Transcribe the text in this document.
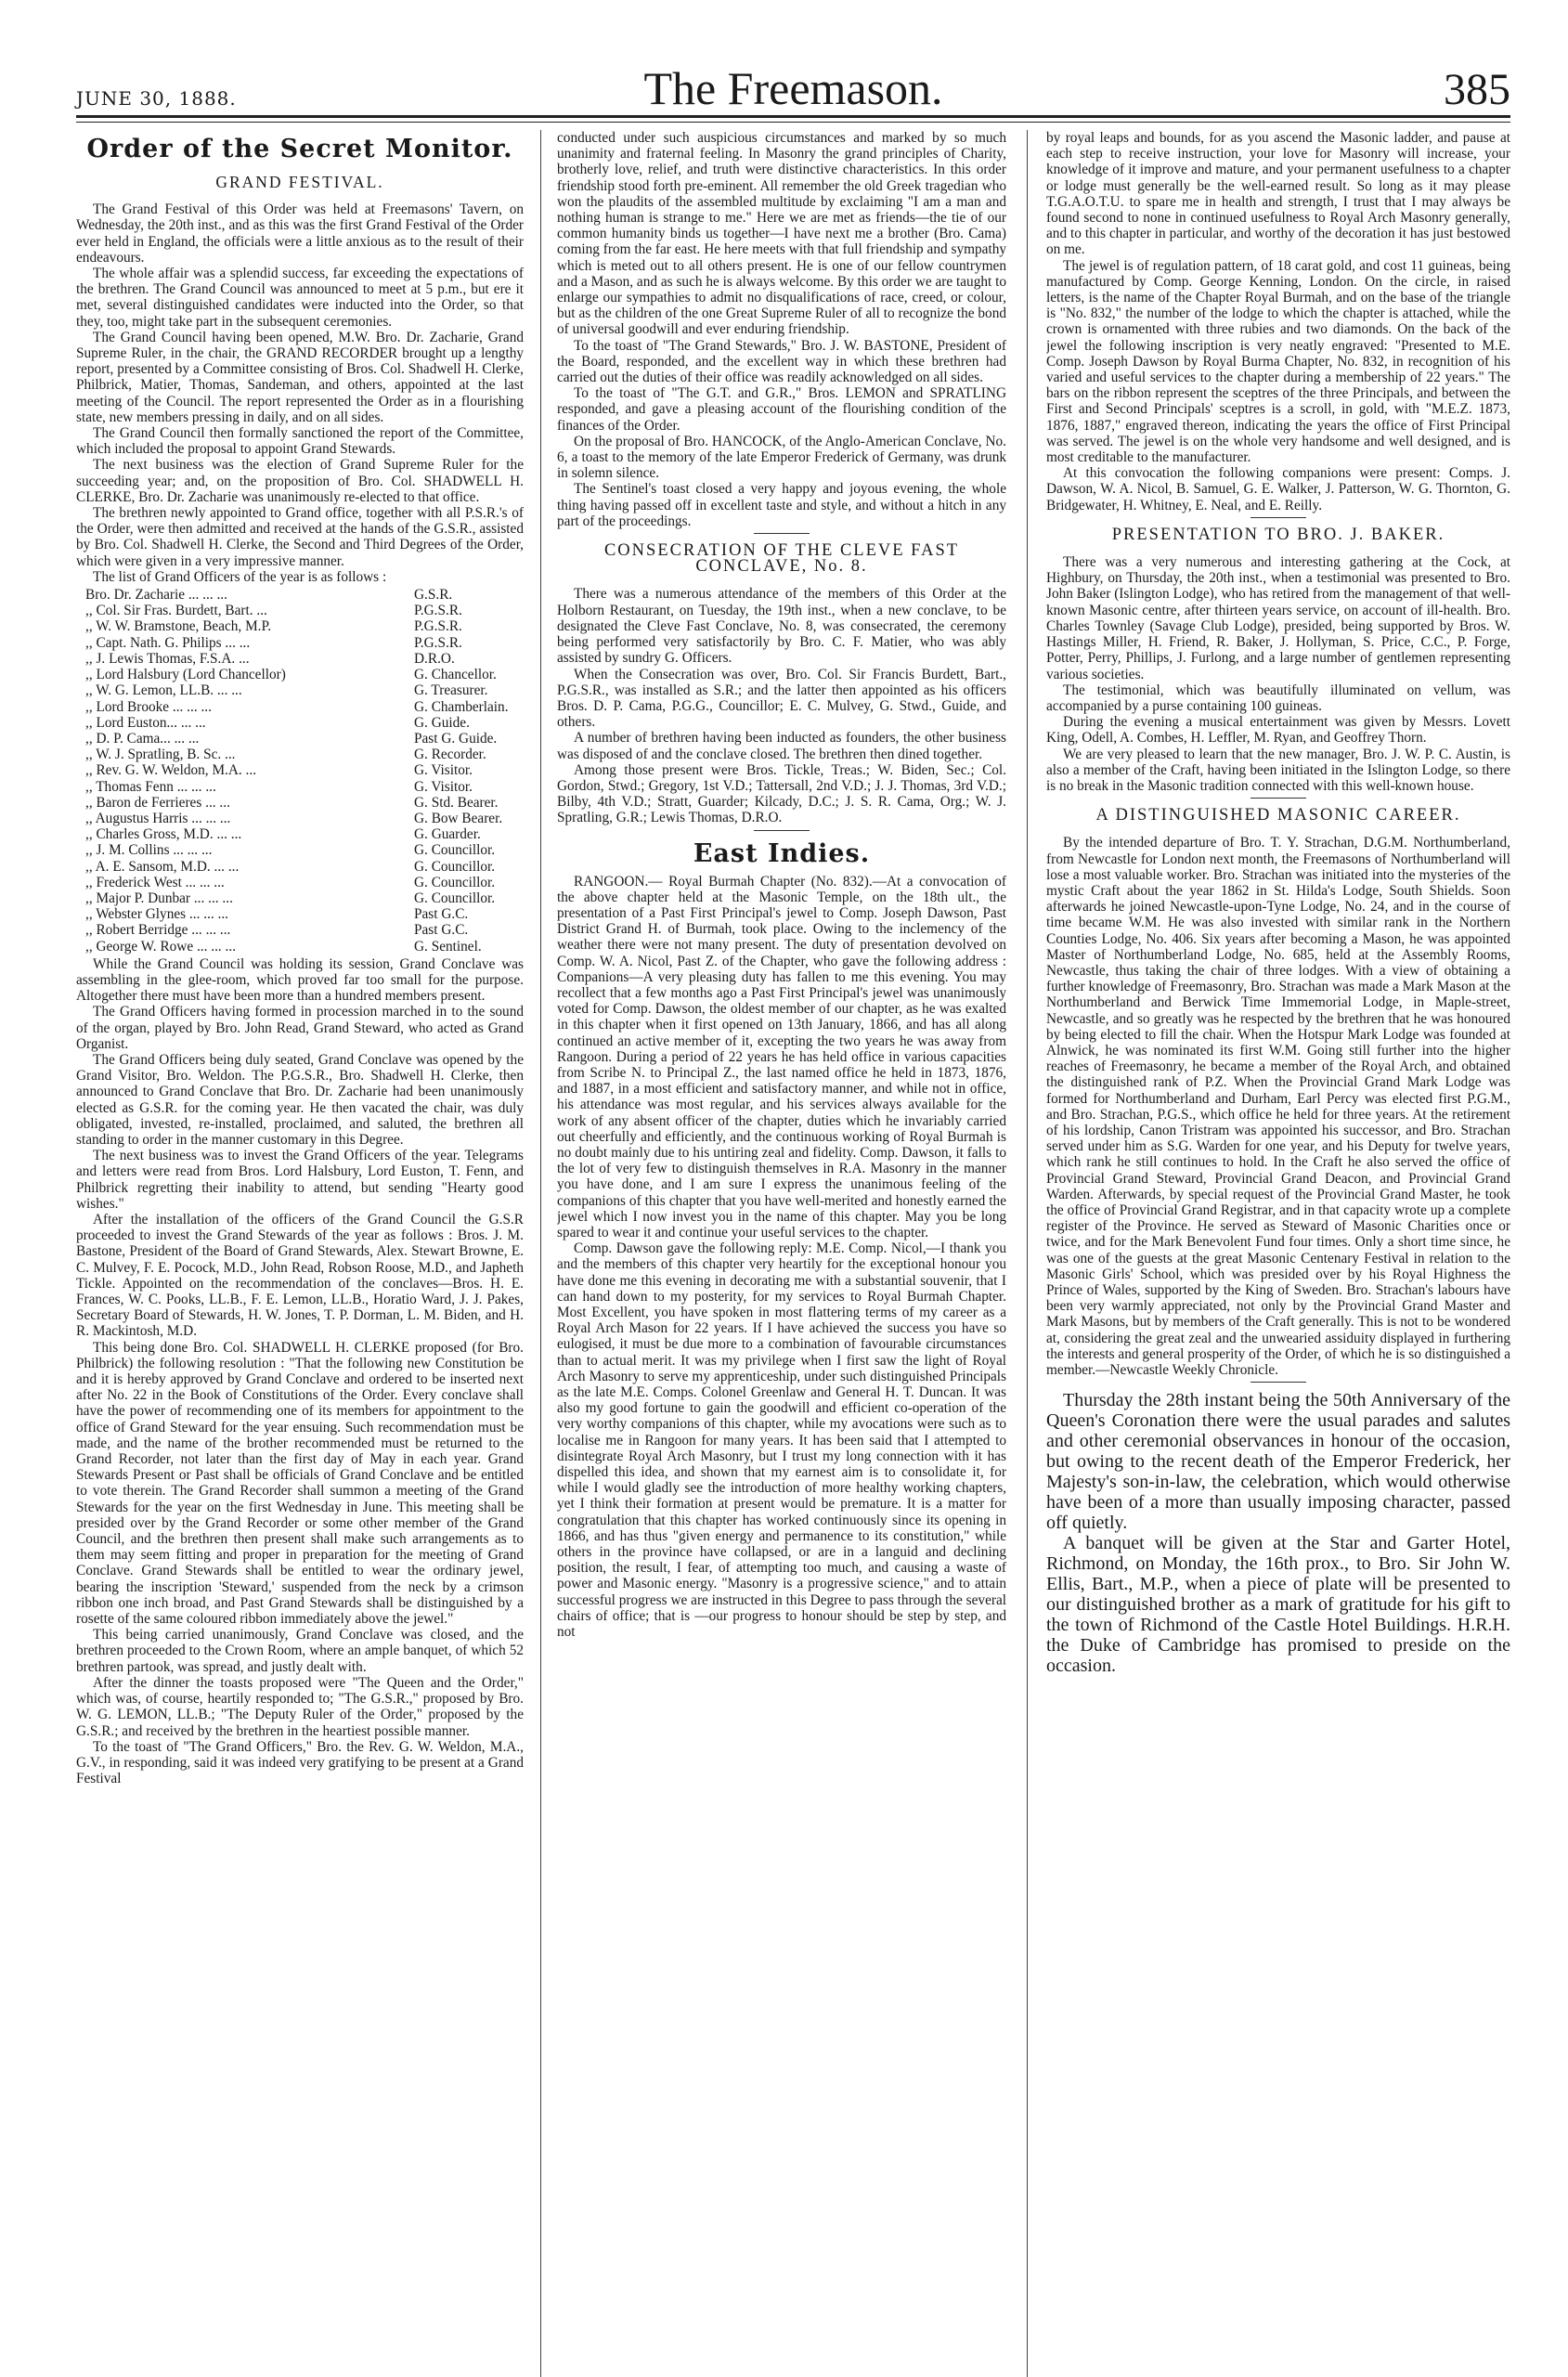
JUNE 30, 1888.	The Freemason.	385
Order of the Secret Monitor.
GRAND FESTIVAL.

The Grand Festival of this Order was held at Freemasons' Tavern, on Wednesday, the 20th inst., and as this was the first Grand Festival of the Order ever held in England, the officials were a little anxious as to the result of their endeavours.

The whole affair was a splendid success, far exceeding the expectations of the brethren. The Grand Council was announced to meet at 5 p.m., but ere it met, several distinguished candidates were inducted into the Order, so that they, too, might take part in the subsequent ceremonies.

The Grand Council having been opened, M.W. Bro. Dr. Zacharie, Grand Supreme Ruler, in the chair, the GRAND RECORDER brought up a lengthy report, presented by a Committee consisting of Bros. Col. Shadwell H. Clerke, Philbrick, Matier, Thomas, Sandeman, and others, appointed at the last meeting of the Council. The report represented the Order as in a flourishing state, new members pressing in daily, and on all sides.

The Grand Council then formally sanctioned the report of the Committee, which included the proposal to appoint Grand Stewards.

The next business was the election of Grand Supreme Ruler for the succeeding year; and, on the proposition of Bro. Col. SHADWELL H. CLERKE, Bro. Dr. Zacharie was unanimously re-elected to that office.

The brethren newly appointed to Grand office, together with all P.S.R.'s of the Order, were then admitted and received at the hands of the G.S.R., assisted by Bro. Col. Shadwell H. Clerke, the Second and Third Degrees of the Order, which were given in a very impressive manner.

The list of Grand Officers of the year is as follows :

Bro. Dr. Zacharie ... ... ...	G.S.R.
,, Col. Sir Fras. Burdett, Bart. ...	P.G.S.R.
,, W. W. Bramstone, Beach, M.P.	P.G.S.R.
,, Capt. Nath. G. Philips ... ...	P.G.S.R.
,, J. Lewis Thomas, F.S.A. ...	D.R.O.
,, Lord Halsbury (Lord Chancellor)	G. Chancellor.
,, W. G. Lemon, LL.B. ... ...	G. Treasurer.
,, Lord Brooke ... ... ...	G. Chamberlain.
,, Lord Euston... ... ...	G. Guide.
,, D. P. Cama... ... ...	Past G. Guide.
,, W. J. Spratling, B. Sc. ...	G. Recorder.
,, Rev. G. W. Weldon, M.A. ...	G. Visitor.
,, Thomas Fenn ... ... ...	G. Visitor.
,, Baron de Ferrieres ... ...	G. Std. Bearer.
,, Augustus Harris ... ... ...	G. Bow Bearer.
,, Charles Gross, M.D. ... ...	G. Guarder.
,, J. M. Collins ... ... ...	G. Councillor.
,, A. E. Sansom, M.D. ... ...	G. Councillor.
,, Frederick West ... ... ...	G. Councillor.
,, Major P. Dunbar ... ... ...	G. Councillor.
,, Webster Glynes ... ... ...	Past G.C.
,, Robert Berridge ... ... ...	Past G.C.
,, George W. Rowe ... ... ...	G. Sentinel.

While the Grand Council was holding its session, Grand Conclave was assembling in the glee-room, which proved far too small for the purpose. Altogether there must have been more than a hundred members present.

The Grand Officers having formed in procession marched in to the sound of the organ, played by Bro. John Read, Grand Steward, who acted as Grand Organist.

The Grand Officers being duly seated, Grand Conclave was opened by the Grand Visitor, Bro. Weldon. The P.G.S.R., Bro. Shadwell H. Clerke, then announced to Grand Conclave that Bro. Dr. Zacharie had been unanimously elected as G.S.R. for the coming year. He then vacated the chair, was duly obligated, invested, re-installed, proclaimed, and saluted, the brethren all standing to order in the manner customary in this Degree.

The next business was to invest the Grand Officers of the year. Telegrams and letters were read from Bros. Lord Halsbury, Lord Euston, T. Fenn, and Philbrick regretting their inability to attend, but sending "Hearty good wishes."

After the installation of the officers of the Grand Council the G.S.R proceeded to invest the Grand Stewards of the year as follows : Bros. J. M. Bastone, President of the Board of Grand Stewards, Alex. Stewart Browne, E. C. Mulvey, F. E. Pocock, M.D., John Read, Robson Roose, M.D., and Japheth Tickle. Appointed on the recommendation of the conclaves—Bros. H. E. Frances, W. C. Pooks, LL.B., F. E. Lemon, LL.B., Horatio Ward, J. J. Pakes, Secretary Board of Stewards, H. W. Jones, T. P. Dorman, L. M. Biden, and H. R. Mackintosh, M.D.

This being done Bro. Col. SHADWELL H. CLERKE proposed (for Bro. Philbrick) the following resolution : "That the following new Constitution be and it is hereby approved by Grand Conclave and ordered to be inserted next after No. 22 in the Book of Constitutions of the Order. Every conclave shall have the power of recommending one of its members for appointment to the office of Grand Steward for the year ensuing. Such recommendation must be made, and the name of the brother recommended must be returned to the Grand Recorder, not later than the first day of May in each year. Grand Stewards Present or Past shall be officials of Grand Conclave and be entitled to vote therein. The Grand Recorder shall summon a meeting of the Grand Stewards for the year on the first Wednesday in June. This meeting shall be presided over by the Grand Recorder or some other member of the Grand Council, and the brethren then present shall make such arrangements as to them may seem fitting and proper in preparation for the meeting of Grand Conclave. Grand Stewards shall be entitled to wear the ordinary jewel, bearing the inscription 'Steward,' suspended from the neck by a crimson ribbon one inch broad, and Past Grand Stewards shall be distinguished by a rosette of the same coloured ribbon immediately above the jewel."

This being carried unanimously, Grand Conclave was closed, and the brethren proceeded to the Crown Room, where an ample banquet, of which 52 brethren partook, was spread, and justly dealt with.

After the dinner the toasts proposed were "The Queen and the Order," which was, of course, heartily responded to; "The G.S.R.," proposed by Bro. W. G. LEMON, LL.B.; "The Deputy Ruler of the Order," proposed by the G.S.R.; and received by the brethren in the heartiest possible manner.

To the toast of "The Grand Officers," Bro. the Rev. G. W. Weldon, M.A., G.V., in responding, said it was indeed very gratifying to be present at a Grand Festival

conducted under such auspicious circumstances and marked by so much unanimity and fraternal feeling. In Masonry the grand principles of Charity, brotherly love, relief, and truth were distinctive characteristics. In this order friendship stood forth pre-eminent. All remember the old Greek tragedian who won the plaudits of the assembled multitude by exclaiming "I am a man and nothing human is strange to me." Here we are met as friends—the tie of our common humanity binds us together—I have next me a brother (Bro. Cama) coming from the far east. He here meets with that full friendship and sympathy which is meted out to all others present. He is one of our fellow countrymen and a Mason, and as such he is always welcome. By this order we are taught to enlarge our sympathies to admit no disqualifications of race, creed, or colour, but as the children of the one Great Supreme Ruler of all to recognize the bond of universal goodwill and ever enduring friendship.

To the toast of "The Grand Stewards," Bro. J. W. BASTONE, President of the Board, responded, and the excellent way in which these brethren had carried out the duties of their office was readily acknowledged on all sides.

To the toast of "The G.T. and G.R.," Bros. LEMON and SPRATLING responded, and gave a pleasing account of the flourishing condition of the finances of the Order.

On the proposal of Bro. HANCOCK, of the Anglo-American Conclave, No. 6, a toast to the memory of the late Emperor Frederick of Germany, was drunk in solemn silence.

The Sentinel's toast closed a very happy and joyous evening, the whole thing having passed off in excellent taste and style, and without a hitch in any part of the proceedings.

CONSECRATION OF THE CLEVE FAST CONCLAVE, No. 8.

There was a numerous attendance of the members of this Order at the Holborn Restaurant, on Tuesday, the 19th inst., when a new conclave, to be designated the Cleve Fast Conclave, No. 8, was consecrated, the ceremony being performed very satisfactorily by Bro. C. F. Matier, who was ably assisted by sundry G. Officers.

When the Consecration was over, Bro. Col. Sir Francis Burdett, Bart., P.G.S.R., was installed as S.R.; and the latter then appointed as his officers Bros. D. P. Cama, P.G.G., Councillor; E. C. Mulvey, G. Stwd., Guide, and others.

A number of brethren having been inducted as founders, the other business was disposed of and the conclave closed. The brethren then dined together.

Among those present were Bros. Tickle, Treas.; W. Biden, Sec.; Col. Gordon, Stwd.; Gregory, 1st V.D.; Tattersall, 2nd V.D.; J. J. Thomas, 3rd V.D.; Bilby, 4th V.D.; Stratt, Guarder; Kilcady, D.C.; J. S. R. Cama, Org.; W. J. Spratling, G.R.; Lewis Thomas, D.R.O.

East Indies.

RANGOON.— Royal Burmah Chapter (No. 832).—At a convocation of the above chapter held at the Masonic Temple, on the 18th ult., the presentation of a Past First Principal's jewel to Comp. Joseph Dawson, Past District Grand H. of Burmah, took place. Owing to the inclemency of the weather there were not many present. The duty of presentation devolved on Comp. W. A. Nicol, Past Z. of the Chapter, who gave the following address : Companions—A very pleasing duty has fallen to me this evening. You may recollect that a few months ago a Past First Principal's jewel was unanimously voted for Comp. Dawson, the oldest member of our chapter, as he was exalted in this chapter when it first opened on 13th January, 1866, and has all along continued an active member of it, excepting the two years he was away from Rangoon. During a period of 22 years he has held office in various capacities from Scribe N. to Principal Z., the last named office he held in 1873, 1876, and 1887, in a most efficient and satisfactory manner, and while not in office, his attendance was most regular, and his services always available for the work of any absent officer of the chapter, duties which he invariably carried out cheerfully and efficiently, and the continuous working of Royal Burmah is no doubt mainly due to his untiring zeal and fidelity. Comp. Dawson, it falls to the lot of very few to distinguish themselves in R.A. Masonry in the manner you have done, and I am sure I express the unanimous feeling of the companions of this chapter that you have well-merited and honestly earned the jewel which I now invest you in the name of this chapter. May you be long spared to wear it and continue your useful services to the chapter.

Comp. Dawson gave the following reply: M.E. Comp. Nicol,—I thank you and the members of this chapter very heartily for the exceptional honour you have done me this evening in decorating me with a substantial souvenir, that I can hand down to my posterity, for my services to Royal Burmah Chapter. Most Excellent, you have spoken in most flattering terms of my career as a Royal Arch Mason for 22 years. If I have achieved the success you have so eulogised, it must be due more to a combination of favourable circumstances than to actual merit. It was my privilege when I first saw the light of Royal Arch Masonry to serve my apprenticeship, under such distinguished Principals as the late M.E. Comps. Colonel Greenlaw and General H. T. Duncan. It was also my good fortune to gain the goodwill and efficient co-operation of the very worthy companions of this chapter, while my avocations were such as to localise me in Rangoon for many years. It has been said that I attempted to disintegrate Royal Arch Masonry, but I trust my long connection with it has dispelled this idea, and shown that my earnest aim is to consolidate it, for while I would gladly see the introduction of more healthy working chapters, yet I think their formation at present would be premature. It is a matter for congratulation that this chapter has worked continuously since its opening in 1866, and has thus "given energy and permanence to its constitution," while others in the province have collapsed, or are in a languid and declining position, the result, I fear, of attempting too much, and causing a waste of power and Masonic energy. "Masonry is a progressive science," and to attain successful progress we are instructed in this Degree to pass through the several chairs of office; that is —our progress to honour should be step by step, and not

by royal leaps and bounds, for as you ascend the Masonic ladder, and pause at each step to receive instruction, your love for Masonry will increase, your knowledge of it improve and mature, and your permanent usefulness to a chapter or lodge must generally be the well-earned result. So long as it may please T.G.A.O.T.U. to spare me in health and strength, I trust that I may always be found second to none in continued usefulness to Royal Arch Masonry generally, and to this chapter in particular, and worthy of the decoration it has just bestowed on me.

The jewel is of regulation pattern, of 18 carat gold, and cost 11 guineas, being manufactured by Comp. George Kenning, London. On the circle, in raised letters, is the name of the Chapter Royal Burmah, and on the base of the triangle is "No. 832," the number of the lodge to which the chapter is attached, while the crown is ornamented with three rubies and two diamonds. On the back of the jewel the following inscription is very neatly engraved: "Presented to M.E. Comp. Joseph Dawson by Royal Burma Chapter, No. 832, in recognition of his varied and useful services to the chapter during a membership of 22 years." The bars on the ribbon represent the sceptres of the three Principals, and between the First and Second Principals' sceptres is a scroll, in gold, with "M.E.Z. 1873, 1876, 1887," engraved thereon, indicating the years the office of First Principal was served. The jewel is on the whole very handsome and well designed, and is most creditable to the manufacturer.

At this convocation the following companions were present: Comps. J. Dawson, W. A. Nicol, B. Samuel, G. E. Walker, J. Patterson, W. G. Thornton, G. Bridgewater, H. Whitney, E. Neal, and E. Reilly.

PRESENTATION TO BRO. J. BAKER.

There was a very numerous and interesting gathering at the Cock, at Highbury, on Thursday, the 20th inst., when a testimonial was presented to Bro. John Baker (Islington Lodge), who has retired from the management of that well-known Masonic centre, after thirteen years service, on account of ill-health. Bro. Charles Townley (Savage Club Lodge), presided, being supported by Bros. W. Hastings Miller, H. Friend, R. Baker, J. Hollyman, S. Price, C.C., P. Forge, Potter, Perry, Phillips, J. Furlong, and a large number of gentlemen representing various societies.

The testimonial, which was beautifully illuminated on vellum, was accompanied by a purse containing 100 guineas.

During the evening a musical entertainment was given by Messrs. Lovett King, Odell, A. Combes, H. Leffler, M. Ryan, and Geoffrey Thorn.

We are very pleased to learn that the new manager, Bro. J. W. P. C. Austin, is also a member of the Craft, having been initiated in the Islington Lodge, so there is no break in the Masonic tradition connected with this well-known house.

A DISTINGUISHED MASONIC CAREER.

By the intended departure of Bro. T. Y. Strachan, D.G.M. Northumberland, from Newcastle for London next month, the Freemasons of Northumberland will lose a most valuable worker. Bro. Strachan was initiated into the mysteries of the mystic Craft about the year 1862 in St. Hilda's Lodge, South Shields. Soon afterwards he joined Newcastle-upon-Tyne Lodge, No. 24, and in the course of time became W.M. He was also invested with similar rank in the Northern Counties Lodge, No. 406. Six years after becoming a Mason, he was appointed Master of Northumberland Lodge, No. 685, held at the Assembly Rooms, Newcastle, thus taking the chair of three lodges. With a view of obtaining a further knowledge of Freemasonry, Bro. Strachan was made a Mark Mason at the Northumberland and Berwick Time Immemorial Lodge, in Maple-street, Newcastle, and so greatly was he respected by the brethren that he was honoured by being elected to fill the chair. When the Hotspur Mark Lodge was founded at Alnwick, he was nominated its first W.M. Going still further into the higher reaches of Freemasonry, he became a member of the Royal Arch, and obtained the distinguished rank of P.Z. When the Provincial Grand Mark Lodge was formed for Northumberland and Durham, Earl Percy was elected first P.G.M., and Bro. Strachan, P.G.S., which office he held for three years. At the retirement of his lordship, Canon Tristram was appointed his successor, and Bro. Strachan served under him as S.G. Warden for one year, and his Deputy for twelve years, which rank he still continues to hold. In the Craft he also served the office of Provincial Grand Steward, Provincial Grand Deacon, and Provincial Grand Warden. Afterwards, by special request of the Provincial Grand Master, he took the office of Provincial Grand Registrar, and in that capacity wrote up a complete register of the Province. He served as Steward of Masonic Charities once or twice, and for the Mark Benevolent Fund four times. Only a short time since, he was one of the guests at the great Masonic Centenary Festival in relation to the Masonic Girls' School, which was presided over by his Royal Highness the Prince of Wales, supported by the King of Sweden. Bro. Strachan's labours have been very warmly appreciated, not only by the Provincial Grand Master and Mark Masons, but by members of the Craft generally. This is not to be wondered at, considering the great zeal and the unwearied assiduity displayed in furthering the interests and general prosperity of the Order, of which he is so distinguished a member.—Newcastle Weekly Chronicle.

Thursday the 28th instant being the 50th Anniversary of the Queen's Coronation there were the usual parades and salutes and other ceremonial observances in honour of the occasion, but owing to the recent death of the Emperor Frederick, her Majesty's son-in-law, the celebration, which would otherwise have been of a more than usually imposing character, passed off quietly.

A banquet will be given at the Star and Garter Hotel, Richmond, on Monday, the 16th prox., to Bro. Sir John W. Ellis, Bart., M.P., when a piece of plate will be presented to our distinguished brother as a mark of gratitude for his gift to the town of Richmond of the Castle Hotel Buildings. H.R.H. the Duke of Cambridge has promised to preside on the occasion.
